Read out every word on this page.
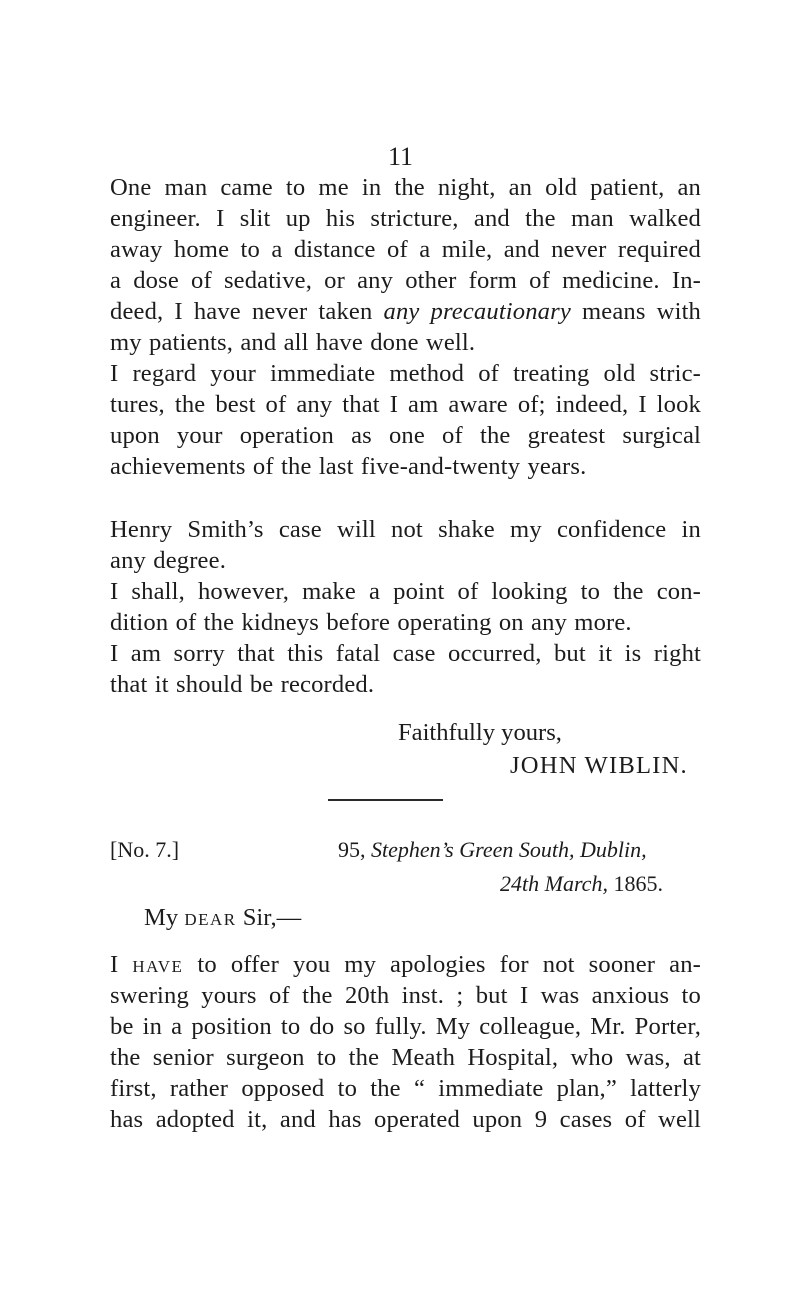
11
One man came to me in the night, an old patient, an
engineer. I slit up his stricture, and the man walked
away home to a distance of a mile, and never required
a dose of sedative, or any other form of medicine. In-
deed, I have never taken any precautionary means with
my patients, and all have done well.
I regard your immediate method of treating old stric-
tures, the best of any that I am aware of; indeed, I look
upon your operation as one of the greatest surgical
achievements of the last five-and-twenty years.
Henry Smith’s case will not shake my confidence in
any degree.
I shall, however, make a point of looking to the con-
dition of the kidneys before operating on any more.
I am sorry that this fatal case occurred, but it is right
that it should be recorded.
Faithfully yours,
JOHN WIBLIN.
[No. 7.]	95, Stephen’s Green South, Dublin,
24th March, 1865.
My dear Sir,—
I have to offer you my apologies for not sooner an-
swering yours of the 20th inst. ; but I was anxious to
be in a position to do so fully. My colleague, Mr. Porter,
the senior surgeon to the Meath Hospital, who was, at
first, rather opposed to the “ immediate plan,” latterly
has adopted it, and has operated upon 9 cases of well
